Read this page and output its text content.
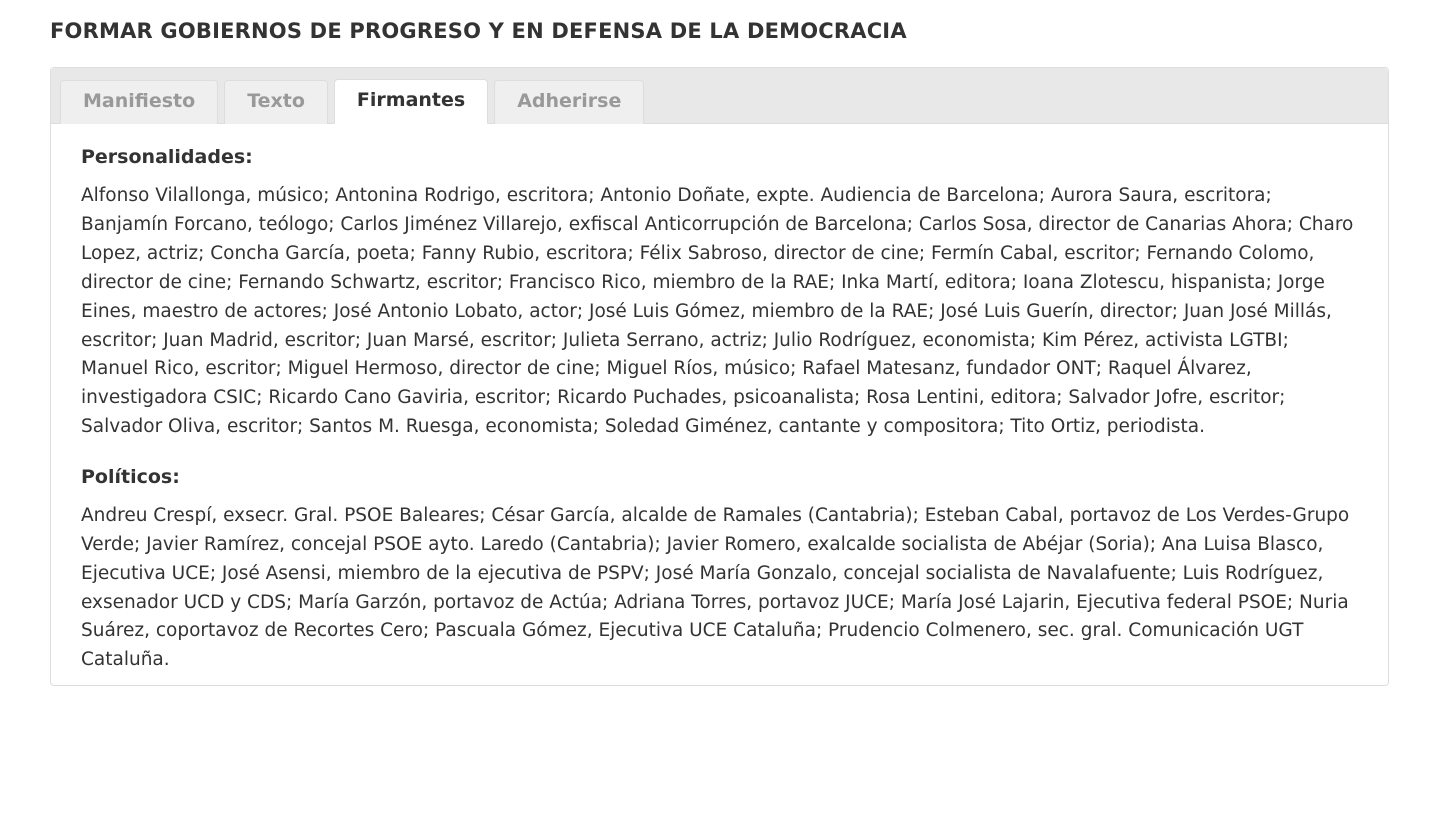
FORMAR GOBIERNOS DE PROGRESO Y EN DEFENSA DE LA DEMOCRACIA
Manifiesto	Texto	Firmantes	Adherirse
Personalidades:

Alfonso Vilallonga, músico; Antonina Rodrigo, escritora; Antonio Doñate, expte. Audiencia de Barcelona; Aurora Saura, escritora; Banjamín Forcano, teólogo; Carlos Jiménez Villarejo, exfiscal Anticorrupción de Barcelona; Carlos Sosa, director de Canarias Ahora; Charo Lopez, actriz; Concha García, poeta; Fanny Rubio, escritora; Félix Sabroso, director de cine; Fermín Cabal, escritor; Fernando Colomo, director de cine; Fernando Schwartz, escritor; Francisco Rico, miembro de la RAE; Inka Martí, editora; Ioana Zlotescu, hispanista; Jorge Eines, maestro de actores; José Antonio Lobato, actor; José Luis Gómez, miembro de la RAE; José Luis Guerín, director; Juan José Millás, escritor; Juan Madrid, escritor; Juan Marsé, escritor; Julieta Serrano, actriz; Julio Rodríguez, economista; Kim Pérez, activista LGTBI; Manuel Rico, escritor; Miguel Hermoso, director de cine; Miguel Ríos, músico; Rafael Matesanz, fundador ONT; Raquel Álvarez, investigadora CSIC; Ricardo Cano Gaviria, escritor; Ricardo Puchades, psicoanalista; Rosa Lentini, editora; Salvador Jofre, escritor; Salvador Oliva, escritor; Santos M. Ruesga, economista; Soledad Giménez, cantante y compositora; Tito Ortiz, periodista.

Políticos:

Andreu Crespí, exsecr. Gral. PSOE Baleares; César García, alcalde de Ramales (Cantabria); Esteban Cabal, portavoz de Los Verdes-Grupo Verde; Javier Ramírez, concejal PSOE ayto. Laredo (Cantabria); Javier Romero, exalcalde socialista de Abéjar (Soria); Ana Luisa Blasco, Ejecutiva UCE; José Asensi, miembro de la ejecutiva de PSPV; José María Gonzalo, concejal socialista de Navalafuente; Luis Rodríguez, exsenador UCD y CDS; María Garzón, portavoz de Actúa; Adriana Torres, portavoz JUCE; María José Lajarin, Ejecutiva federal PSOE; Nuria Suárez, coportavoz de Recortes Cero; Pascuala Gómez, Ejecutiva UCE Cataluña; Prudencio Colmenero, sec. gral. Comunicación UGT Cataluña.
